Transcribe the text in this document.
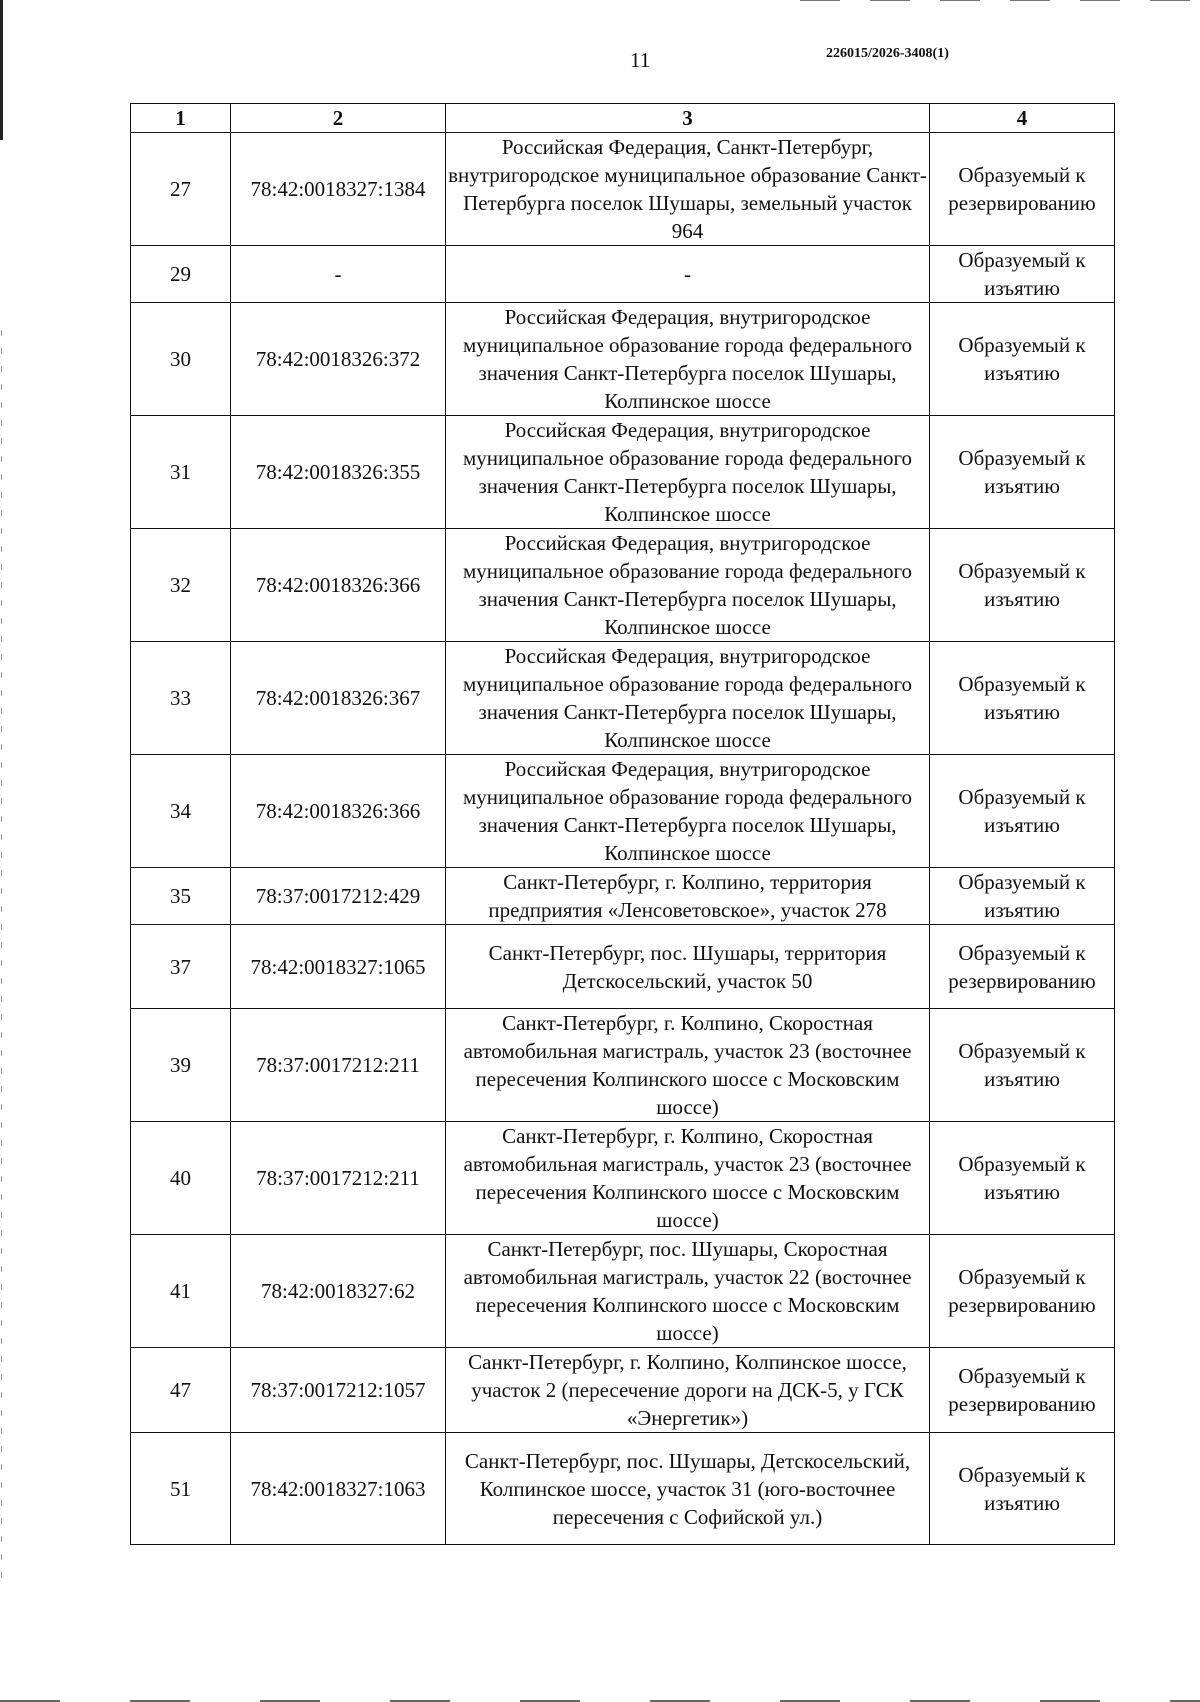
11	226015/2026-3408(1)
1	2	3	4
27	78:42:0018327:1384	Российская Федерация, Санкт-Петербург, внутригородское муниципальное образование Санкт-Петербурга поселок Шушары, земельный участок 964	Образуемый к резервированию
29	-	-	Образуемый к изъятию
30	78:42:0018326:372	Российская Федерация, внутригородское муниципальное образование города федерального значения Санкт-Петербурга поселок Шушары, Колпинское шоссе	Образуемый к изъятию
31	78:42:0018326:355	Российская Федерация, внутригородское муниципальное образование города федерального значения Санкт-Петербурга поселок Шушары, Колпинское шоссе	Образуемый к изъятию
32	78:42:0018326:366	Российская Федерация, внутригородское муниципальное образование города федерального значения Санкт-Петербурга поселок Шушары, Колпинское шоссе	Образуемый к изъятию
33	78:42:0018326:367	Российская Федерация, внутригородское муниципальное образование города федерального значения Санкт-Петербурга поселок Шушары, Колпинское шоссе	Образуемый к изъятию
34	78:42:0018326:366	Российская Федерация, внутригородское муниципальное образование города федерального значения Санкт-Петербурга поселок Шушары, Колпинское шоссе	Образуемый к изъятию
35	78:37:0017212:429	Санкт-Петербург, г. Колпино, территория предприятия «Ленсоветовское», участок 278	Образуемый к изъятию
37	78:42:0018327:1065	Санкт-Петербург, пос. Шушары, территория Детскосельский, участок 50	Образуемый к резервированию
39	78:37:0017212:211	Санкт-Петербург, г. Колпино, Скоростная автомобильная магистраль, участок 23 (восточнее пересечения Колпинского шоссе с Московским шоссе)	Образуемый к изъятию
40	78:37:0017212:211	Санкт-Петербург, г. Колпино, Скоростная автомобильная магистраль, участок 23 (восточнее пересечения Колпинского шоссе с Московским шоссе)	Образуемый к изъятию
41	78:42:0018327:62	Санкт-Петербург, пос. Шушары, Скоростная автомобильная магистраль, участок 22 (восточнее пересечения Колпинского шоссе с Московским шоссе)	Образуемый к резервированию
47	78:37:0017212:1057	Санкт-Петербург, г. Колпино, Колпинское шоссе, участок 2 (пересечение дороги на ДСК-5, у ГСК «Энергетик»)	Образуемый к резервированию
51	78:42:0018327:1063	Санкт-Петербург, пос. Шушары, Детскосельский, Колпинское шоссе, участок 31 (юго-восточнее пересечения с Софийской ул.)	Образуемый к изъятию
